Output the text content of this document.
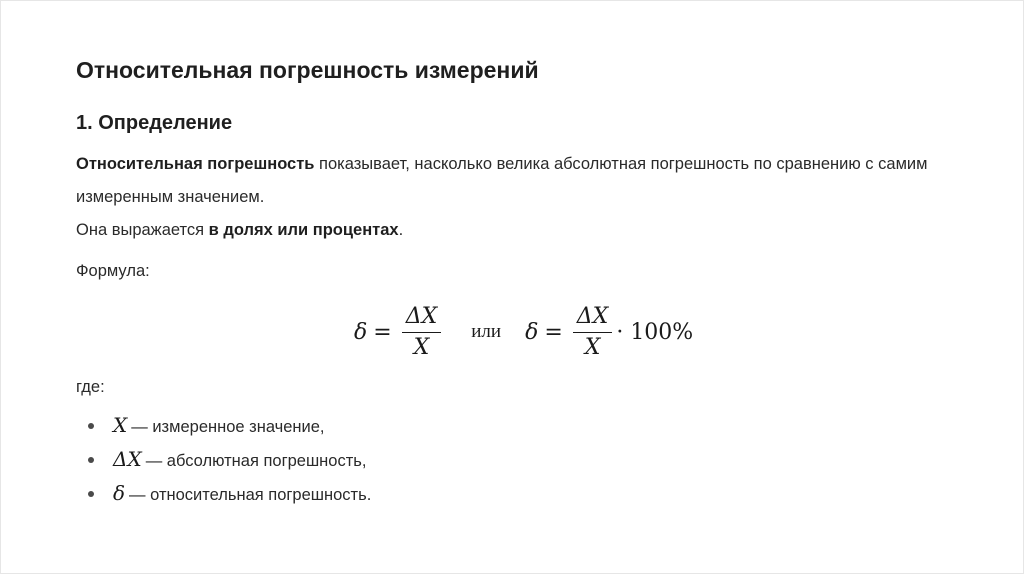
Относительная погрешность измерений
1. Определение
Относительная погрешность показывает, насколько велика абсолютная погрешность по сравнению с самим измеренным значением.
Она выражается в долях или процентах.
Формула:
$\delta = \frac{\Delta X}{X}$ или $\delta = \frac{\Delta X}{X} \cdot 100\%$
где:
X — измеренное значение,
ΔX — абсолютная погрешность,
δ — относительная погрешность.
